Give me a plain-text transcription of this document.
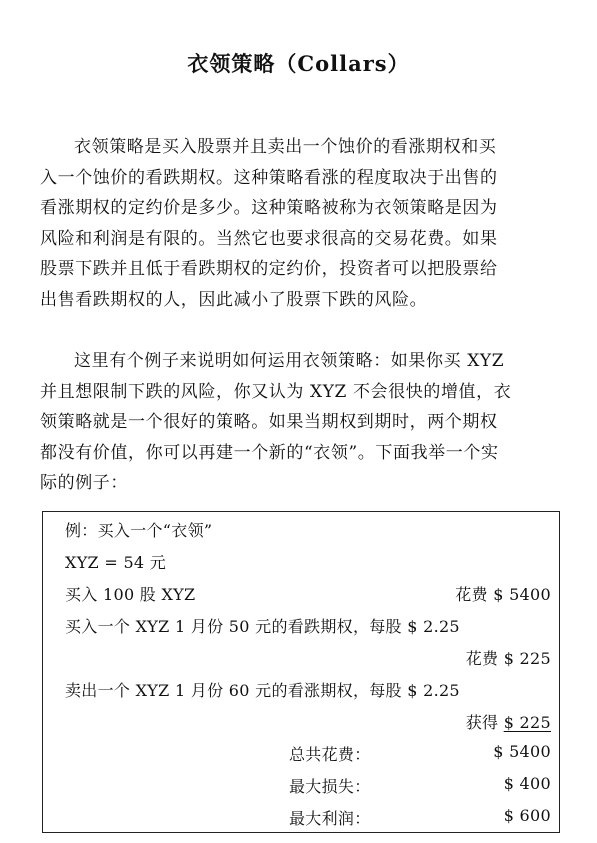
衣领策略（Collars）
衣领策略是买入股票并且卖出一个蚀价的看涨期权和买
入一个蚀价的看跌期权。这种策略看涨的程度取决于出售的
看涨期权的定约价是多少。这种策略被称为衣领策略是因为
风险和利润是有限的。当然它也要求很高的交易花费。如果
股票下跌并且低于看跌期权的定约价，投资者可以把股票给
出售看跌期权的人，因此减小了股票下跌的风险。
这里有个例子来说明如何运用衣领策略：如果你买 XYZ
并且想限制下跌的风险，你又认为 XYZ 不会很快的增值，衣
领策略就是一个很好的策略。如果当期权到期时，两个期权
都没有价值，你可以再建一个新的“衣领”。下面我举一个实
际的例子：
例：买入一个“衣领”
XYZ = 54 元
买入 100 股 XYZ	花费 $ 5400
买入一个 XYZ 1 月份 50 元的看跌期权，每股 $ 2.25
花费 $ 225
卖出一个 XYZ 1 月份 60 元的看涨期权，每股 $ 2.25
获得 $ 225
总共花费：	$ 5400
最大损失：	$ 400
最大利润：	$ 600
